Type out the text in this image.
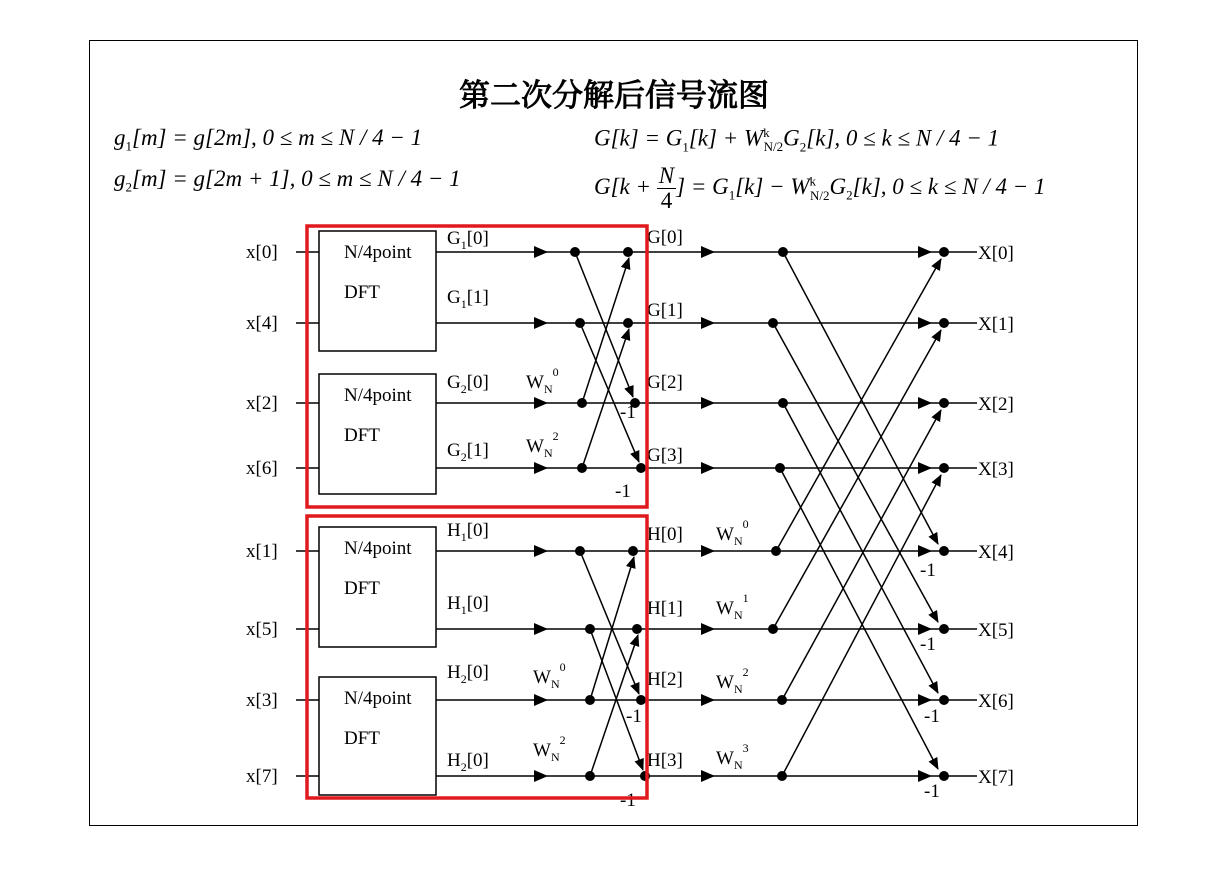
第二次分解后信号流图
$g_1[m] = g[2m]$, 0 ≤ m ≤ N / 4 − 1
$g_2[m] = g[2m + 1]$, 0 ≤ m ≤ N / 4 − 1
$G[k] = G_1[k] + W^k_{N/2}G_2[k]$, 0 ≤ k ≤ N / 4 − 1
$G[k + \frac{N}{4}$ ] = $G_1[k] - W^k_{N/2}G_2[k]$, 0 ≤ k ≤ N / 4 − 1
x[0]
x[4]
x[2]
x[6]
x[1]
x[5]
x[3]
x[7]
N/4point
DFT
N/4point
DFT
N/4point
DFT
N/4point
DFT
$G_1[0]$
$G_1[1]$
$G_2[0]$
$G_2[1]$
$H_1[0]$
$H_1[0]$
$H_2[0]$
$H_2[0]$
$W_N^0$
$W_N^2$
$W_N^0$
$W_N^2$
-1
-1
-1
-1
G[0]
G[1]
G[2]
G[3]
H[0]
H[1]
H[2]
H[3]
$W_N^0$
$W_N^1$
$W_N^2$
$W_N^3$
-1
-1
-1
-1
X[0]
X[1]
X[2]
X[3]
X[4]
X[5]
X[6]
X[7]
